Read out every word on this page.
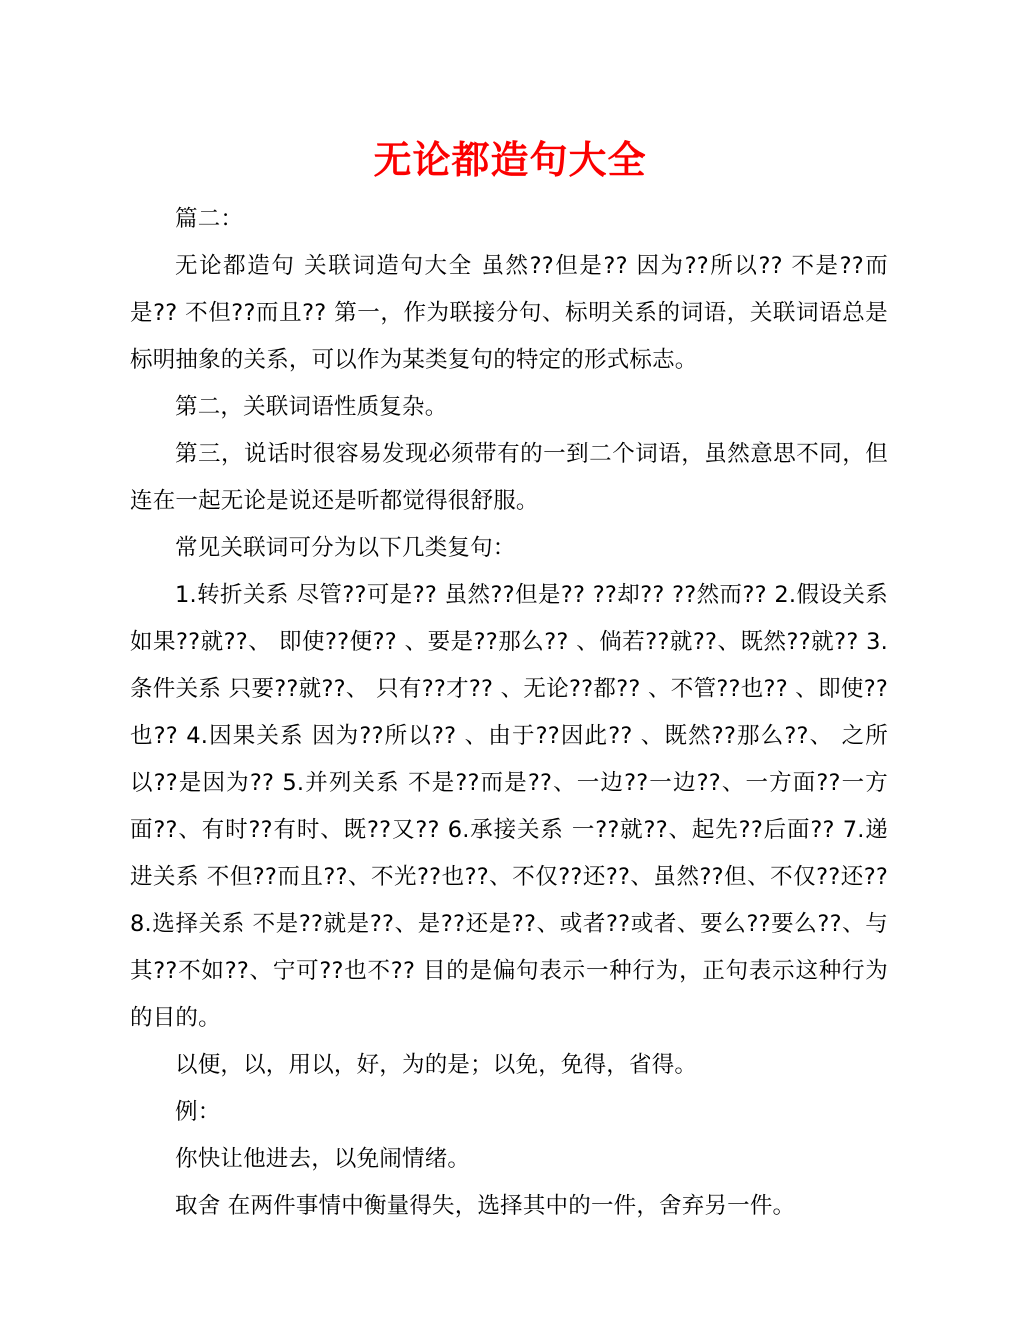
无论都造句大全

篇二：

无论都造句 关联词造句大全 虽然??但是?? 因为??所以?? 不是??而是?? 不但??而且?? 第一，作为联接分句、标明关系的词语，关联词语总是标明抽象的关系，可以作为某类复句的特定的形式标志。

第二，关联词语性质复杂。

第三，说话时很容易发现必须带有的一到二个词语，虽然意思不同，但连在一起无论是说还是听都觉得很舒服。

常见关联词可分为以下几类复句：

1.转折关系 尽管??可是?? 虽然??但是?? ??却?? ??然而?? 2.假设关系 如果??就??、 即使??便?? 、要是??那么?? 、倘若??就??、既然??就?? 3.条件关系 只要??就??、 只有??才?? 、无论??都?? 、不管??也?? 、即使??也?? 4.因果关系 因为??所以?? 、由于??因此?? 、既然??那么??、 之所以??是因为?? 5.并列关系 不是??而是??、一边??一边??、一方面??一方面??、有时??有时、既??又?? 6.承接关系 一??就??、起先??后面?? 7.递进关系 不但??而且??、不光??也??、不仅??还??、虽然??但、不仅??还?? 8.选择关系 不是??就是??、是??还是??、或者??或者、要么??要么??、与其??不如??、宁可??也不?? 目的是偏句表示一种行为，正句表示这种行为的目的。

以便，以，用以，好，为的是；以免，免得，省得。

例：

你快让他进去，以免闹情绪。

取舍 在两件事情中衡量得失，选择其中的一件，舍弃另一件。
